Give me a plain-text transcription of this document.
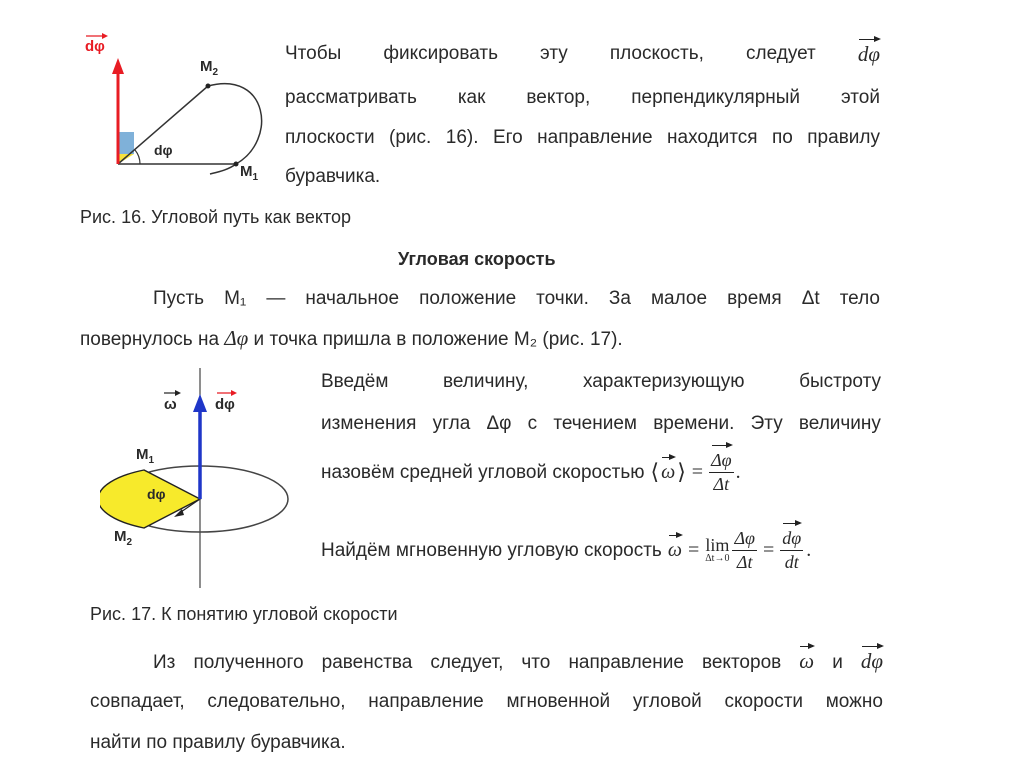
dφ
$M_2$
$M_1$
dφ
Чтобы фиксировать эту плоскость, следует dφ
рассматривать как вектор, перпендикулярный этой
плоскости (рис. 16). Его направление находится по правилу
буравчика.
Рис. 16. Угловой путь как вектор
Угловая скорость
Пусть M₁ — начальное положение точки. За малое время Δt тело
повернулось на Δφ и точка пришла в положение M₂ (рис. 17).
ω	dφ
$M_1$
$M_2$
dφ
Введём	величину,	характеризующую	быстроту
изменения угла Δφ с течением времени. Эту величину
назовём средней угловой скоростью ⟨ ω ⟩ = $\frac{\Delta\varphi}{\Delta t}$ .
Найдём мгновенную угловую скорость ω = lim
$\Delta t\to 0 \frac{\Delta\varphi}{\Delta t} = \frac{d\varphi}{dt}$ .
Рис. 17. К понятию угловой скорости
Из полученного равенства следует, что направление векторов ω и dφ
совпадает, следовательно, направление мгновенной угловой скорости можно
найти по правилу буравчика.
